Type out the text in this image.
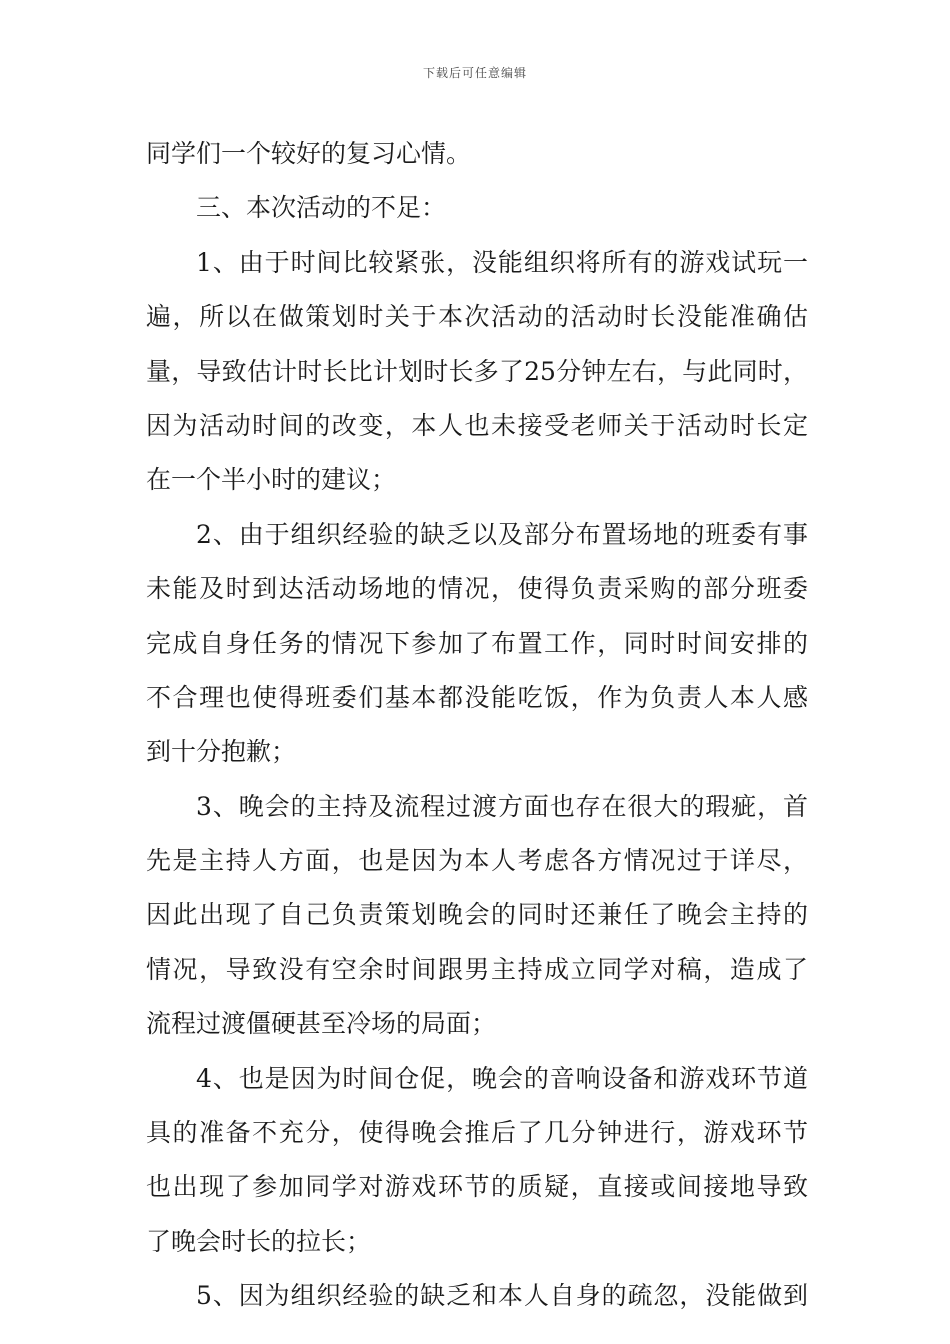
下载后可任意编辑
同学们一个较好的复习心情。
三、本次活动的不足：
1、由于时间比较紧张，没能组织将所有的游戏试玩一
遍，所以在做策划时关于本次活动的活动时长没能准确估
量，导致估计时长比计划时长多了25分钟左右，与此同时，
因为活动时间的改变，本人也未接受老师关于活动时长定
在一个半小时的建议；
2、由于组织经验的缺乏以及部分布置场地的班委有事
未能及时到达活动场地的情况，使得负责采购的部分班委
完成自身任务的情况下参加了布置工作，同时时间安排的
不合理也使得班委们基本都没能吃饭，作为负责人本人感
到十分抱歉；
3、晚会的主持及流程过渡方面也存在很大的瑕疵，首
先是主持人方面，也是因为本人考虑各方情况过于详尽，
因此出现了自己负责策划晚会的同时还兼任了晚会主持的
情况，导致没有空余时间跟男主持成立同学对稿，造成了
流程过渡僵硬甚至冷场的局面；
4、也是因为时间仓促，晚会的音响设备和游戏环节道
具的准备不充分，使得晚会推后了几分钟进行，游戏环节
也出现了参加同学对游戏环节的质疑，直接或间接地导致
了晚会时长的拉长；
5、因为组织经验的缺乏和本人自身的疏忽，没能做到
